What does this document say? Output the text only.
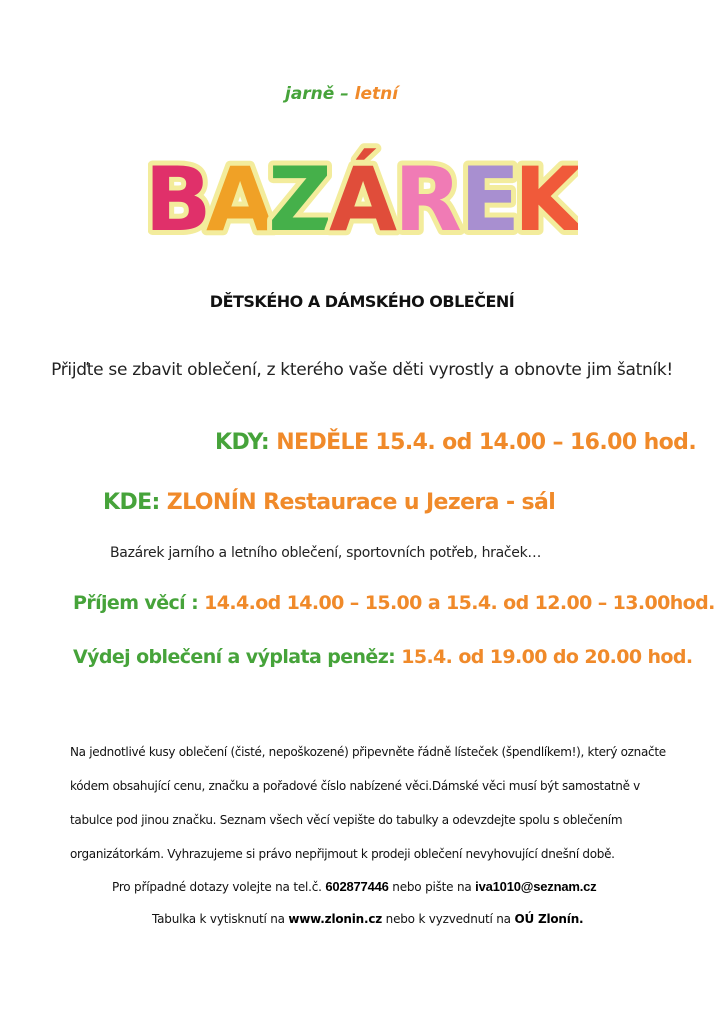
jarně – letní
B
A
Z
Á
R
E
K
DĚTSKÉHO A DÁMSKÉHO OBLEČENÍ
Přijďte se zbavit oblečení, z kterého vaše děti vyrostly a obnovte jim šatník!
KDY: NEDĚLE 15.4. od 14.00 – 16.00 hod.
KDE: ZLONÍN Restaurace u Jezera - sál
Bazárek jarního a letního oblečení, sportovních potřeb, hraček…
Příjem věcí : 14.4.od 14.00 – 15.00 a 15.4. od 12.00 – 13.00hod.
Výdej oblečení a výplata peněz: 15.4. od 19.00 do 20.00 hod.
Na jednotlivé kusy oblečení (čisté, nepoškozené) připevněte řádně lísteček (špendlíkem!), který označte
kódem obsahující cenu, značku a pořadové číslo nabízené věci.Dámské věci musí být samostatně v
tabulce pod jinou značku. Seznam všech věcí vepište do tabulky a odevzdejte spolu s oblečením
organizátorkám. Vyhrazujeme si právo nepřijmout k prodeji oblečení nevyhovující dnešní době.
Pro případné dotazy volejte na tel.č. 602877446 nebo pište na iva1010@seznam.cz
Tabulka k vytisknutí na www.zlonin.cz nebo k vyzvednutí na OÚ Zlonín.
